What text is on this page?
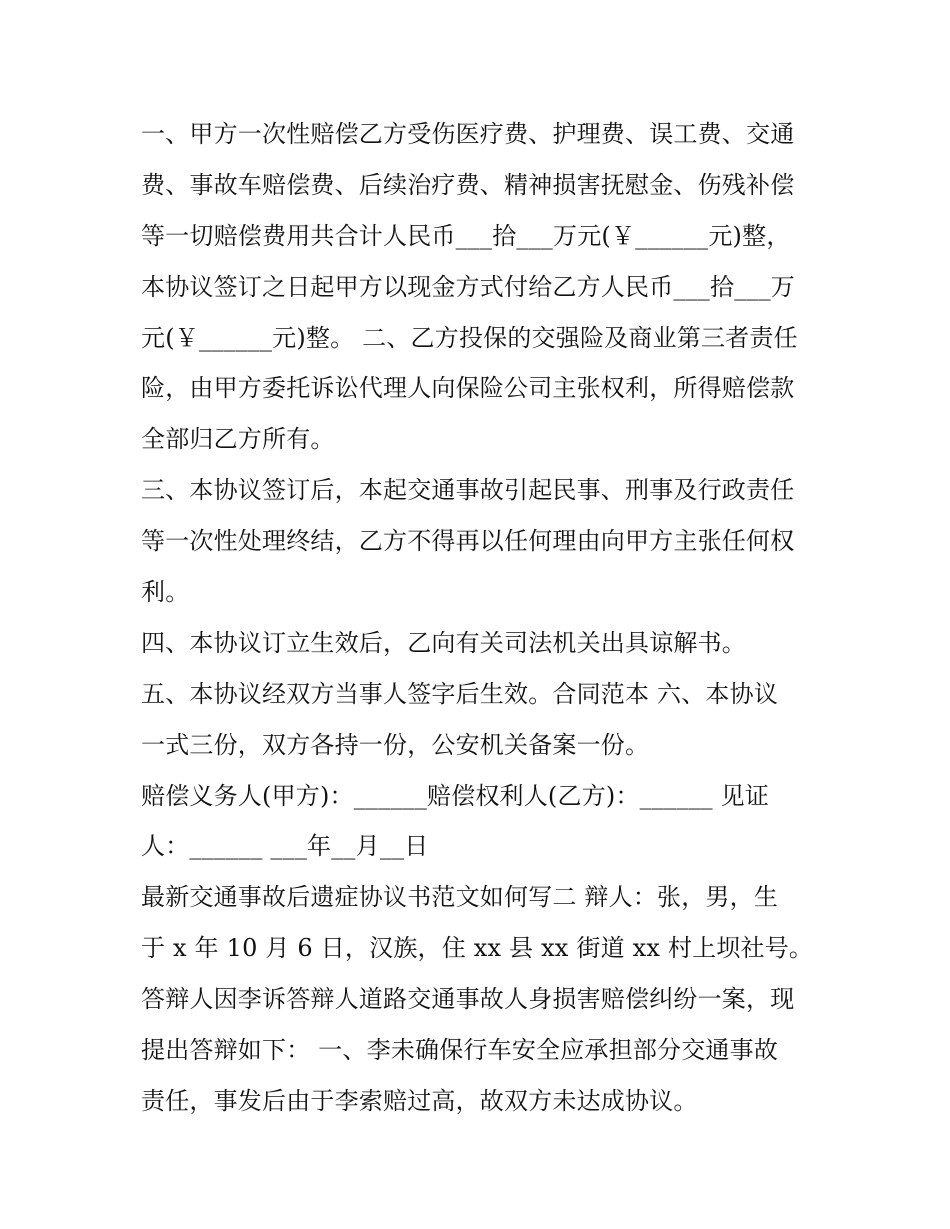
一、甲方一次性赔偿乙方受伤医疗费、护理费、误工费、交通
费、事故车赔偿费、后续治疗费、精神损害抚慰金、伤残补偿
等一切赔偿费用共合计人民币___拾___万元(￥______元)整，
本协议签订之日起甲方以现金方式付给乙方人民币___拾___万
元(￥______元)整。 二、乙方投保的交强险及商业第三者责任
险，由甲方委托诉讼代理人向保险公司主张权利，所得赔偿款
全部归乙方所有。
三、本协议签订后，本起交通事故引起民事、刑事及行政责任
等一次性处理终结，乙方不得再以任何理由向甲方主张任何权
利。
四、本协议订立生效后，乙向有关司法机关出具谅解书。
五、本协议经双方当事人签字后生效。合同范本 六、本协议
一式三份，双方各持一份，公安机关备案一份。
赔偿义务人(甲方)：______赔偿权利人(乙方)：______ 见证
人：______ ___年__月__日
最新交通事故后遗症协议书范文如何写二 辩人：张，男，生
于 x 年 10 月 6 日，汉族，住 xx 县 xx 街道 xx 村上坝社号。
答辩人因李诉答辩人道路交通事故人身损害赔偿纠纷一案，现
提出答辩如下： 一、李未确保行车安全应承担部分交通事故
责任，事发后由于李索赔过高，故双方未达成协议。
